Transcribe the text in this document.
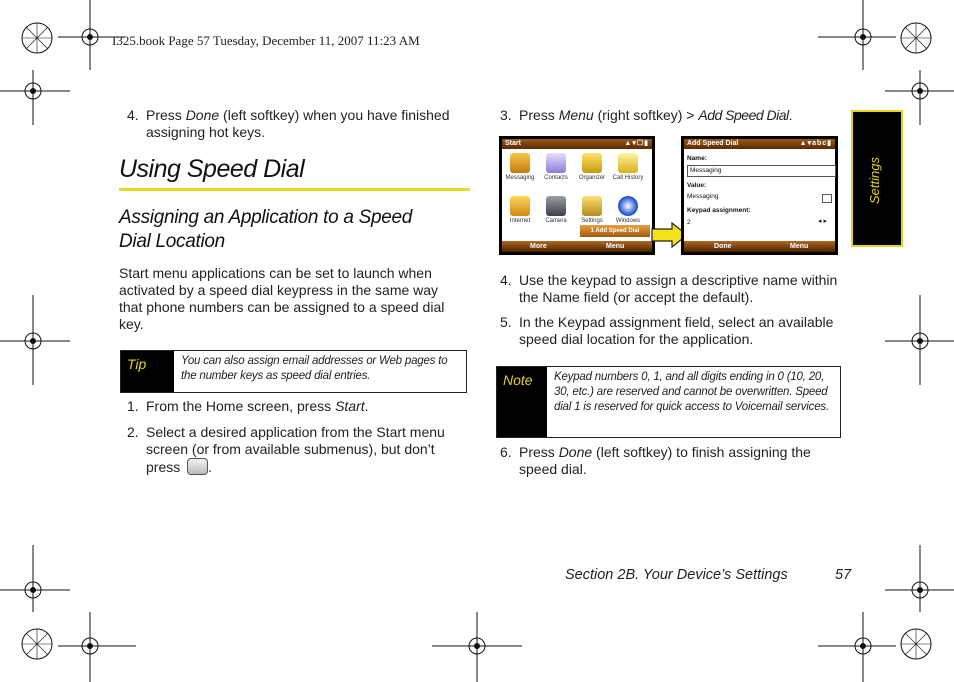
I325.book Page 57 Tuesday, December 11, 2007 11:23 AM
4. Press Done (left softkey) when you have finished assigning hot keys.
Using Speed Dial
Assigning an Application to a Speed Dial Location
Start menu applications can be set to launch when activated by a speed dial keypress in the same way that phone numbers can be assigned to a speed dial key.
Tip	You can also assign email addresses or Web pages to the number keys as speed dial entries.
1. From the Home screen, press Start.
2. Select a desired application from the Start menu screen (or from available submenus), but don’t press .
3. Press Menu (right softkey) > Add Speed Dial.
Start	▲▾☐▮
Messaging	Contacts	Organizer	Call History
Internet	Camera	Settings	Windows
1 Add Speed Dial
More	Menu
Add Speed Dial	▲▾abc▮
Name:
Messaging
Value:
Messaging
Keypad assignment:
2	◂ ▸
Done	Menu
4. Use the keypad to assign a descriptive name within the Name field (or accept the default).
5. In the Keypad assignment field, select an available speed dial location for the application.
Note	Keypad numbers 0, 1, and all digits ending in 0 (10, 20, 30, etc.) are reserved and cannot be overwritten. Speed dial 1 is reserved for quick access to Voicemail services.
6. Press Done (left softkey) to finish assigning the speed dial.
Settings
Section 2B. Your Device’s Settings	57
